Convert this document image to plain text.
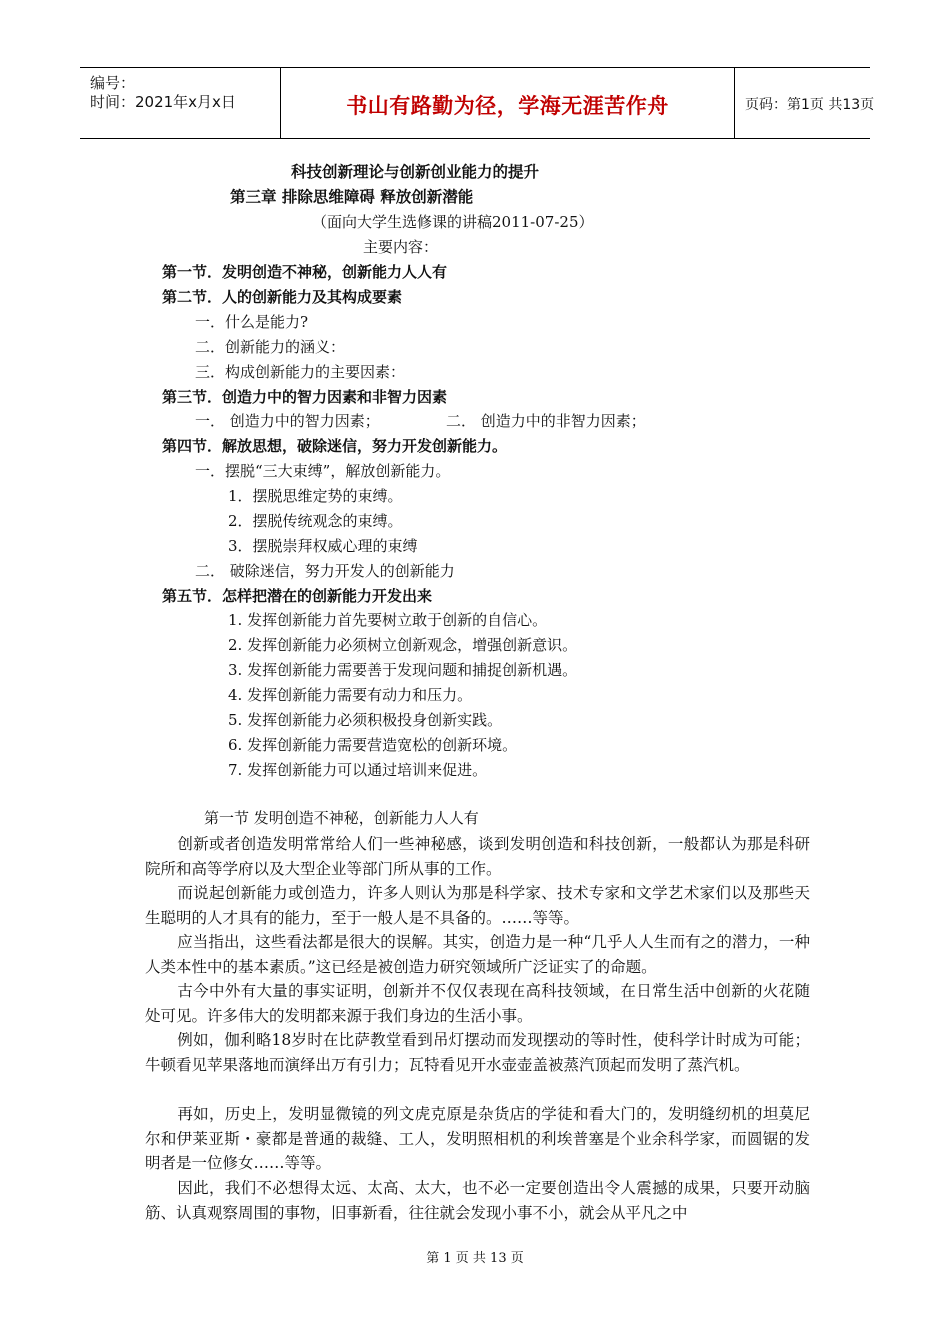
编号：
时间：2021年x月x日	书山有路勤为径，学海无涯苦作舟	页码：第1页 共13页
科技创新理论与创新创业能力的提升
第三章 排除思维障碍 释放创新潜能
（面向大学生选修课的讲稿2011-07-25）
主要内容：
第一节．发明创造不神秘，创新能力人人有
第二节．人的创新能力及其构成要素
一．什么是能力?
二．创新能力的涵义：
三．构成创新能力的主要因素：
第三节．创造力中的智力因素和非智力因素
一． 创造力中的智力因素；	二． 创造力中的非智力因素；
第四节．解放思想，破除迷信，努力开发创新能力。
一．摆脱“三大束缚”，解放创新能力。
1．摆脱思维定势的束缚。
2．摆脱传统观念的束缚。
3．摆脱崇拜权威心理的束缚
二． 破除迷信，努力开发人的创新能力
第五节．怎样把潜在的创新能力开发出来
1. 发挥创新能力首先要树立敢于创新的自信心。
2. 发挥创新能力必须树立创新观念，增强创新意识。
3. 发挥创新能力需要善于发现问题和捕捉创新机遇。
4. 发挥创新能力需要有动力和压力。
5. 发挥创新能力必须积极投身创新实践。
6. 发挥创新能力需要营造宽松的创新环境。
7. 发挥创新能力可以通过培训来促进。
第一节 发明创造不神秘，创新能力人人有
创新或者创造发明常常给人们一些神秘感，谈到发明创造和科技创新，一般都认为那是科研院所和高等学府以及大型企业等部门所从事的工作。
而说起创新能力或创造力，许多人则认为那是科学家、技术专家和文学艺术家们以及那些天生聪明的人才具有的能力，至于一般人是不具备的。……等等。
应当指出，这些看法都是很大的误解。其实，创造力是一种“几乎人人生而有之的潜力，一种人类本性中的基本素质。”这已经是被创造力研究领域所广泛证实了的命题。
古今中外有大量的事实证明，创新并不仅仅表现在高科技领域，在日常生活中创新的火花随处可见。许多伟大的发明都来源于我们身边的生活小事。
例如，伽利略18岁时在比萨教堂看到吊灯摆动而发现摆动的等时性，使科学计时成为可能；牛顿看见苹果落地而演绎出万有引力；瓦特看见开水壶壶盖被蒸汽顶起而发明了蒸汽机。
再如，历史上，发明显微镜的列文虎克原是杂货店的学徒和看大门的，发明缝纫机的坦莫尼尔和伊莱亚斯・豪都是普通的裁缝、工人，发明照相机的利埃普塞是个业余科学家，而圆锯的发明者是一位修女……等等。
因此，我们不必想得太远、太高、太大，也不必一定要创造出令人震撼的成果，只要开动脑筋、认真观察周围的事物，旧事新看，往往就会发现小事不小，就会从平凡之中
第 1 页 共 13 页
